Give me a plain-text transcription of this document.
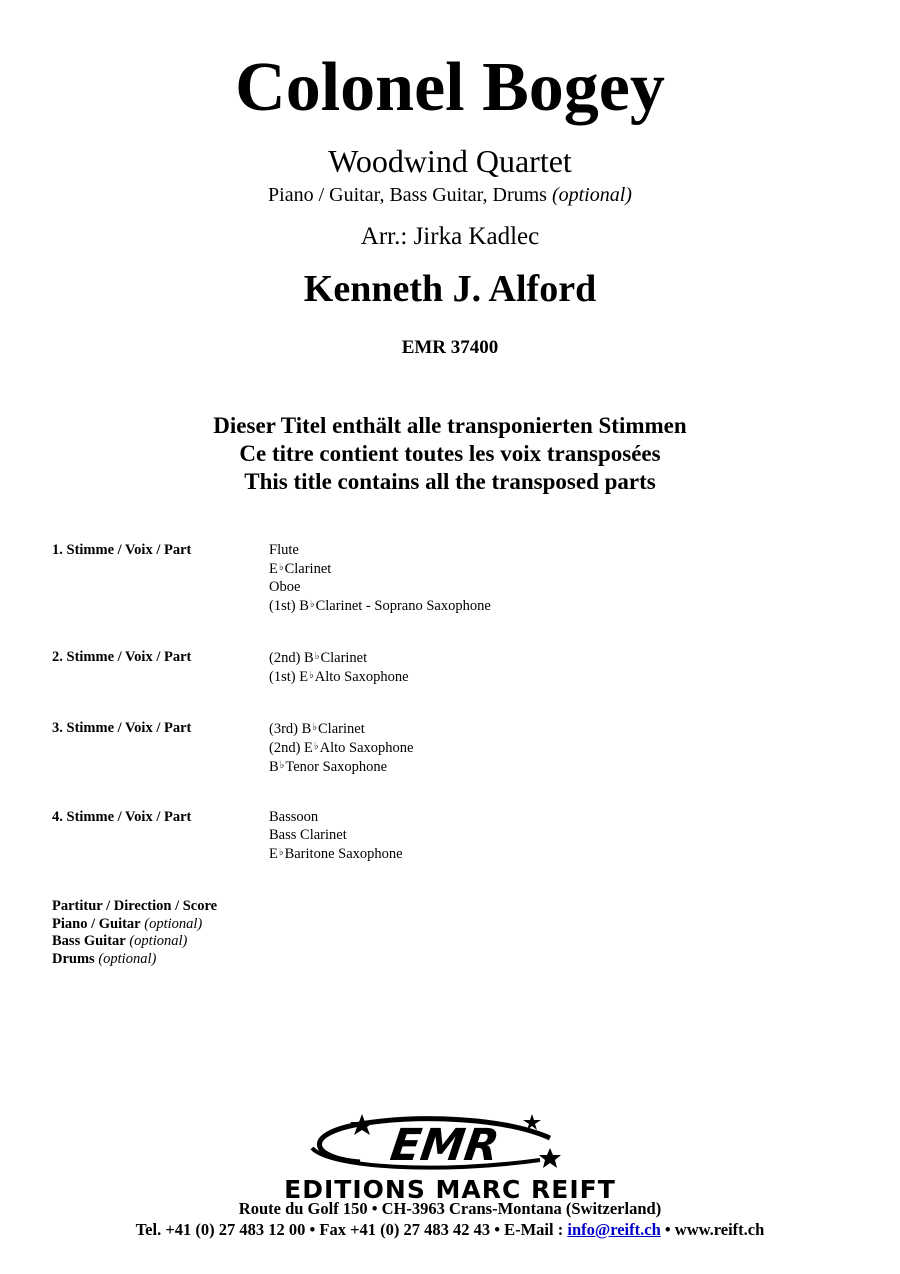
Colonel Bogey
Woodwind Quartet
Piano / Guitar, Bass Guitar, Drums (optional)
Arr.: Jirka Kadlec
Kenneth J. Alford
EMR 37400
Dieser Titel enthält alle transponierten Stimmen
Ce titre contient toutes les voix transposées
This title contains all the transposed parts
1. Stimme / Voix / Part	Flute
E♭Clarinet
Oboe
(1st) B♭Clarinet - Soprano Saxophone
2. Stimme / Voix / Part	(2nd) B♭Clarinet
(1st) E♭Alto Saxophone
3. Stimme / Voix / Part	(3rd) B♭Clarinet
(2nd) E♭Alto Saxophone
B♭Tenor Saxophone
4. Stimme / Voix / Part	Bassoon
Bass Clarinet
E♭Baritone Saxophone
Partitur / Direction / Score
Piano / Guitar (optional)
Bass Guitar (optional)
Drums (optional)
EMR
EDITIONS MARC REIFT
Route du Golf 150 • CH-3963 Crans-Montana (Switzerland)
Tel. +41 (0) 27 483 12 00 • Fax +41 (0) 27 483 42 43 • E-Mail : info@reift.ch • www.reift.ch
